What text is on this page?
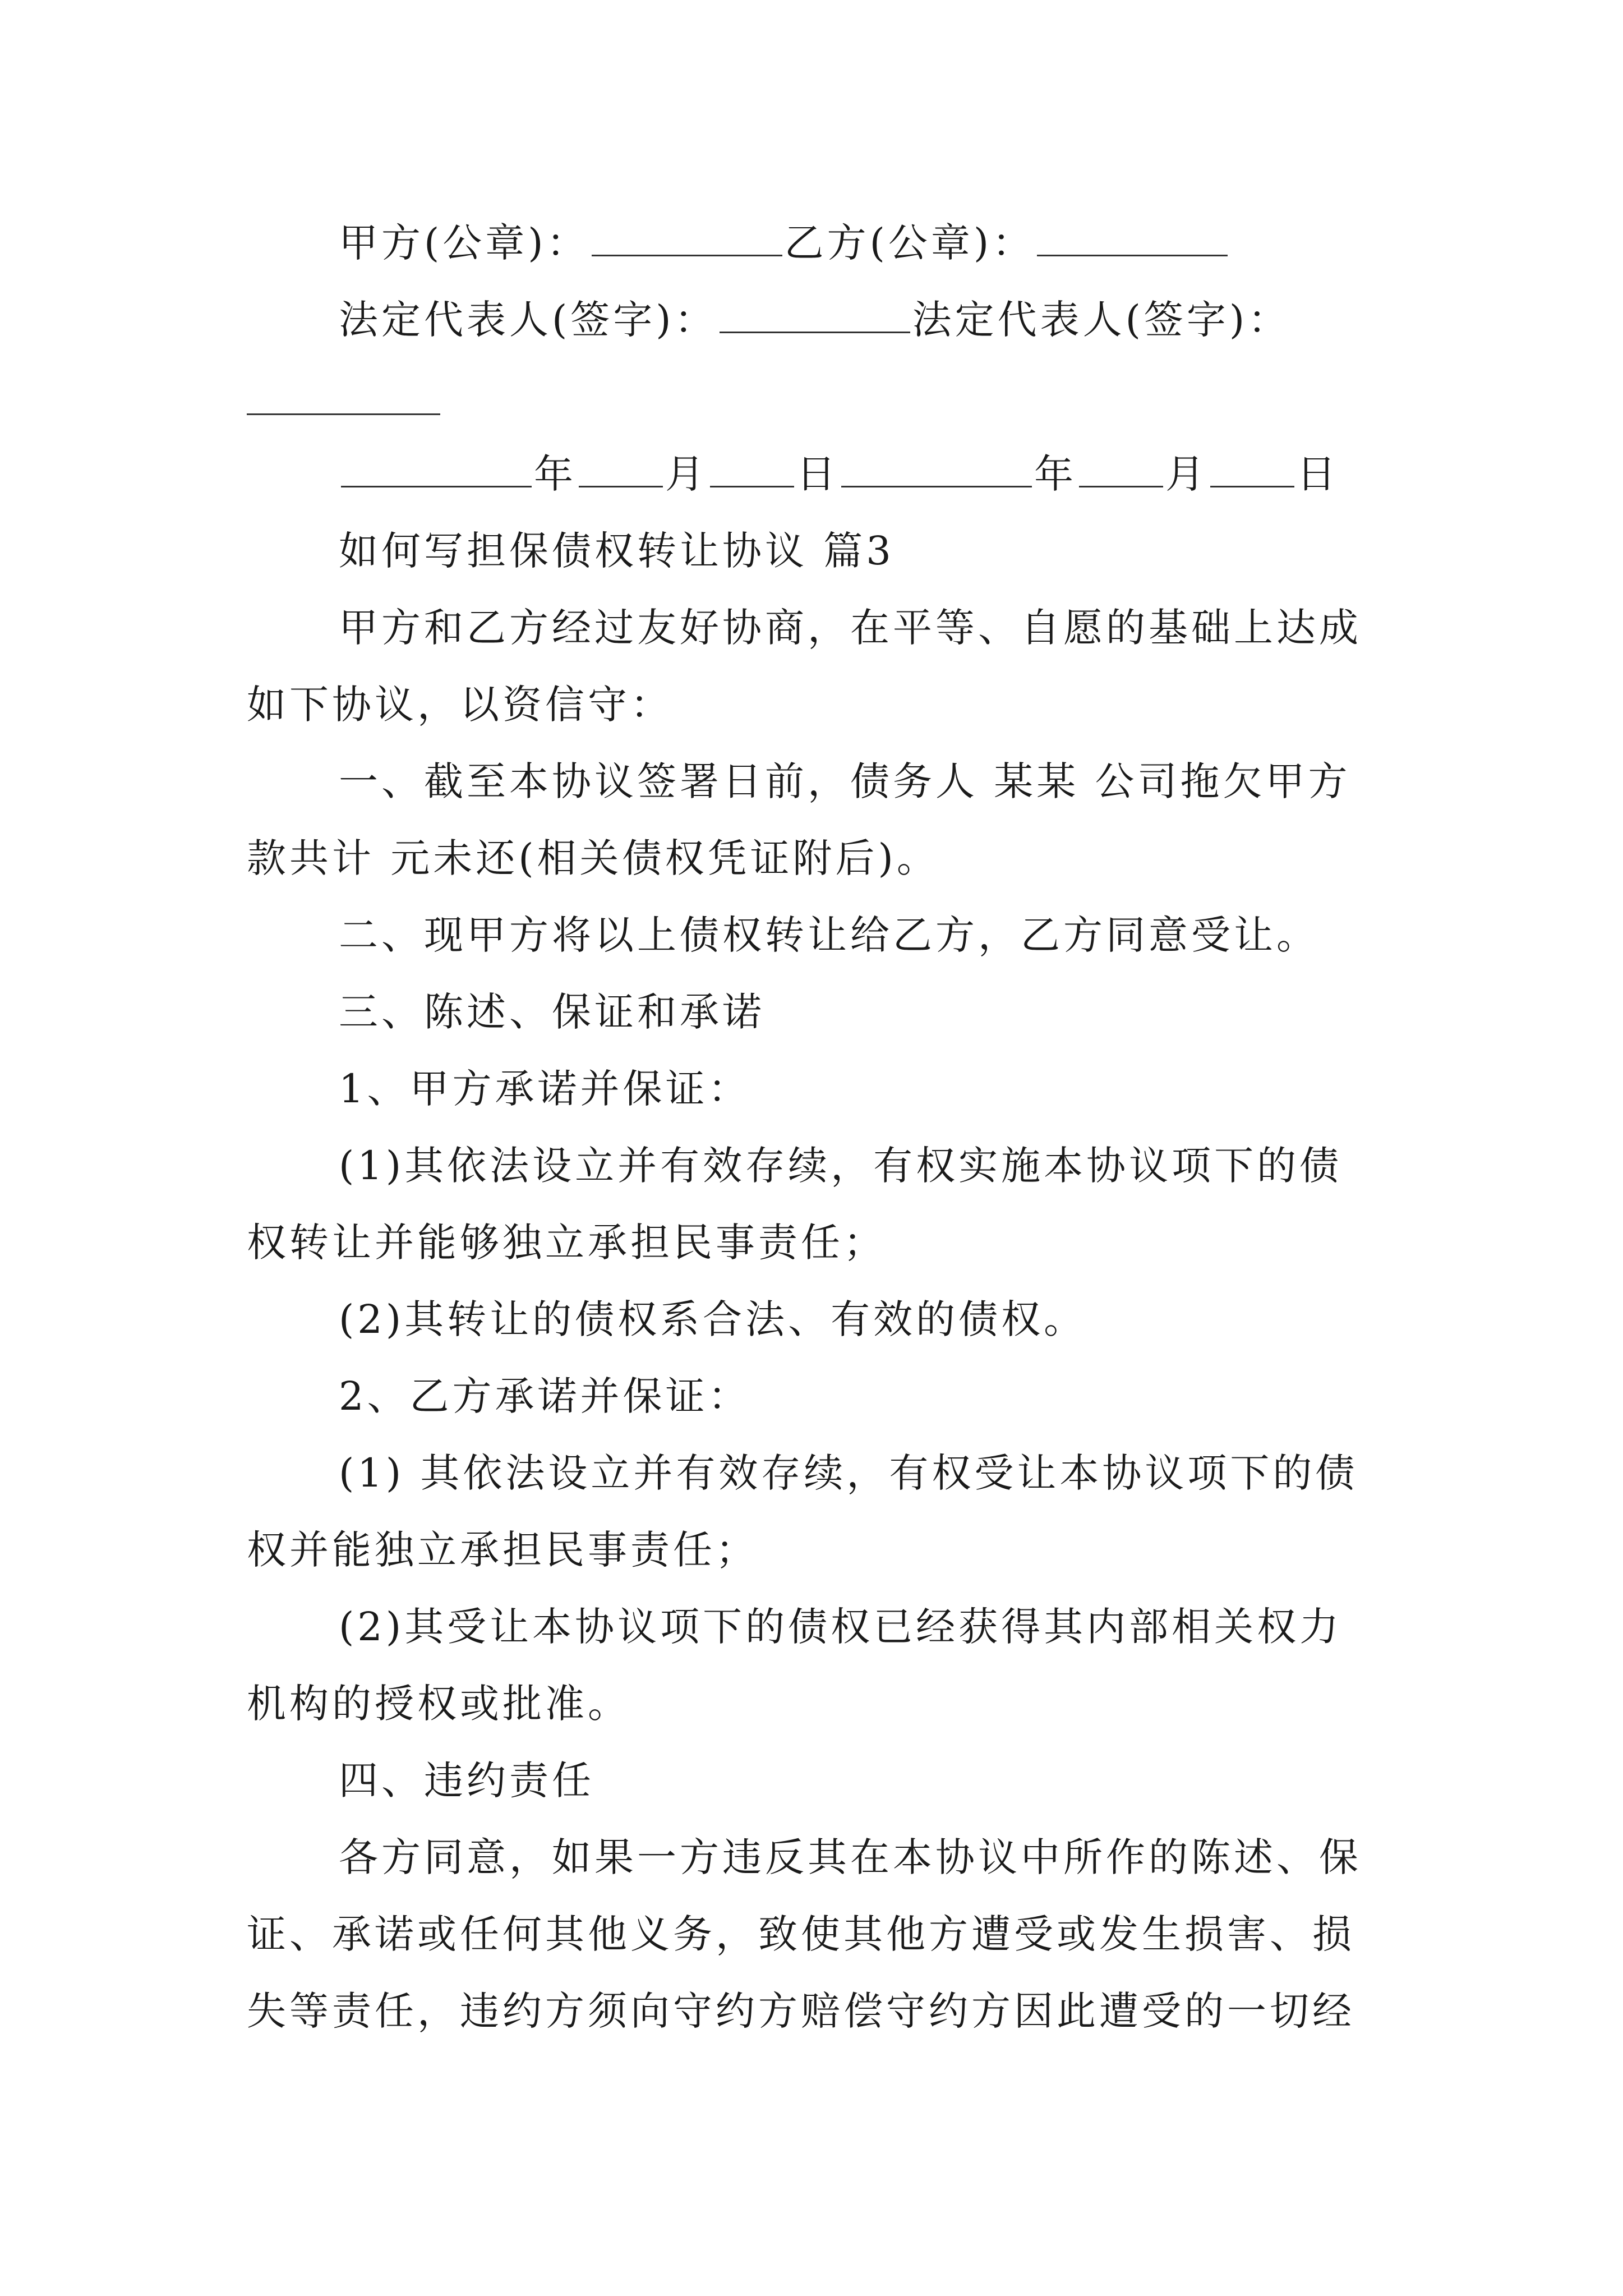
甲方(公章)：	乙方(公章)：
法定代表人(签字)：	法定代表人(签字)：
年 月 日	年 月 日
如何写担保债权转让协议 篇3
甲方和乙方经过友好协商，在平等、自愿的基础上达成
如下协议，以资信守：
一、截至本协议签署日前，债务人 某某 公司拖欠甲方
款共计 元未还(相关债权凭证附后)。
二、现甲方将以上债权转让给乙方，乙方同意受让。
三、陈述、保证和承诺
1、甲方承诺并保证：
(1)其依法设立并有效存续，有权实施本协议项下的债
权转让并能够独立承担民事责任；
(2)其转让的债权系合法、有效的债权。
2、乙方承诺并保证：
(1) 其依法设立并有效存续，有权受让本协议项下的债
权并能独立承担民事责任；
(2)其受让本协议项下的债权已经获得其内部相关权力
机构的授权或批准。
四、违约责任
各方同意，如果一方违反其在本协议中所作的陈述、保
证、承诺或任何其他义务，致使其他方遭受或发生损害、损
失等责任，违约方须向守约方赔偿守约方因此遭受的一切经
